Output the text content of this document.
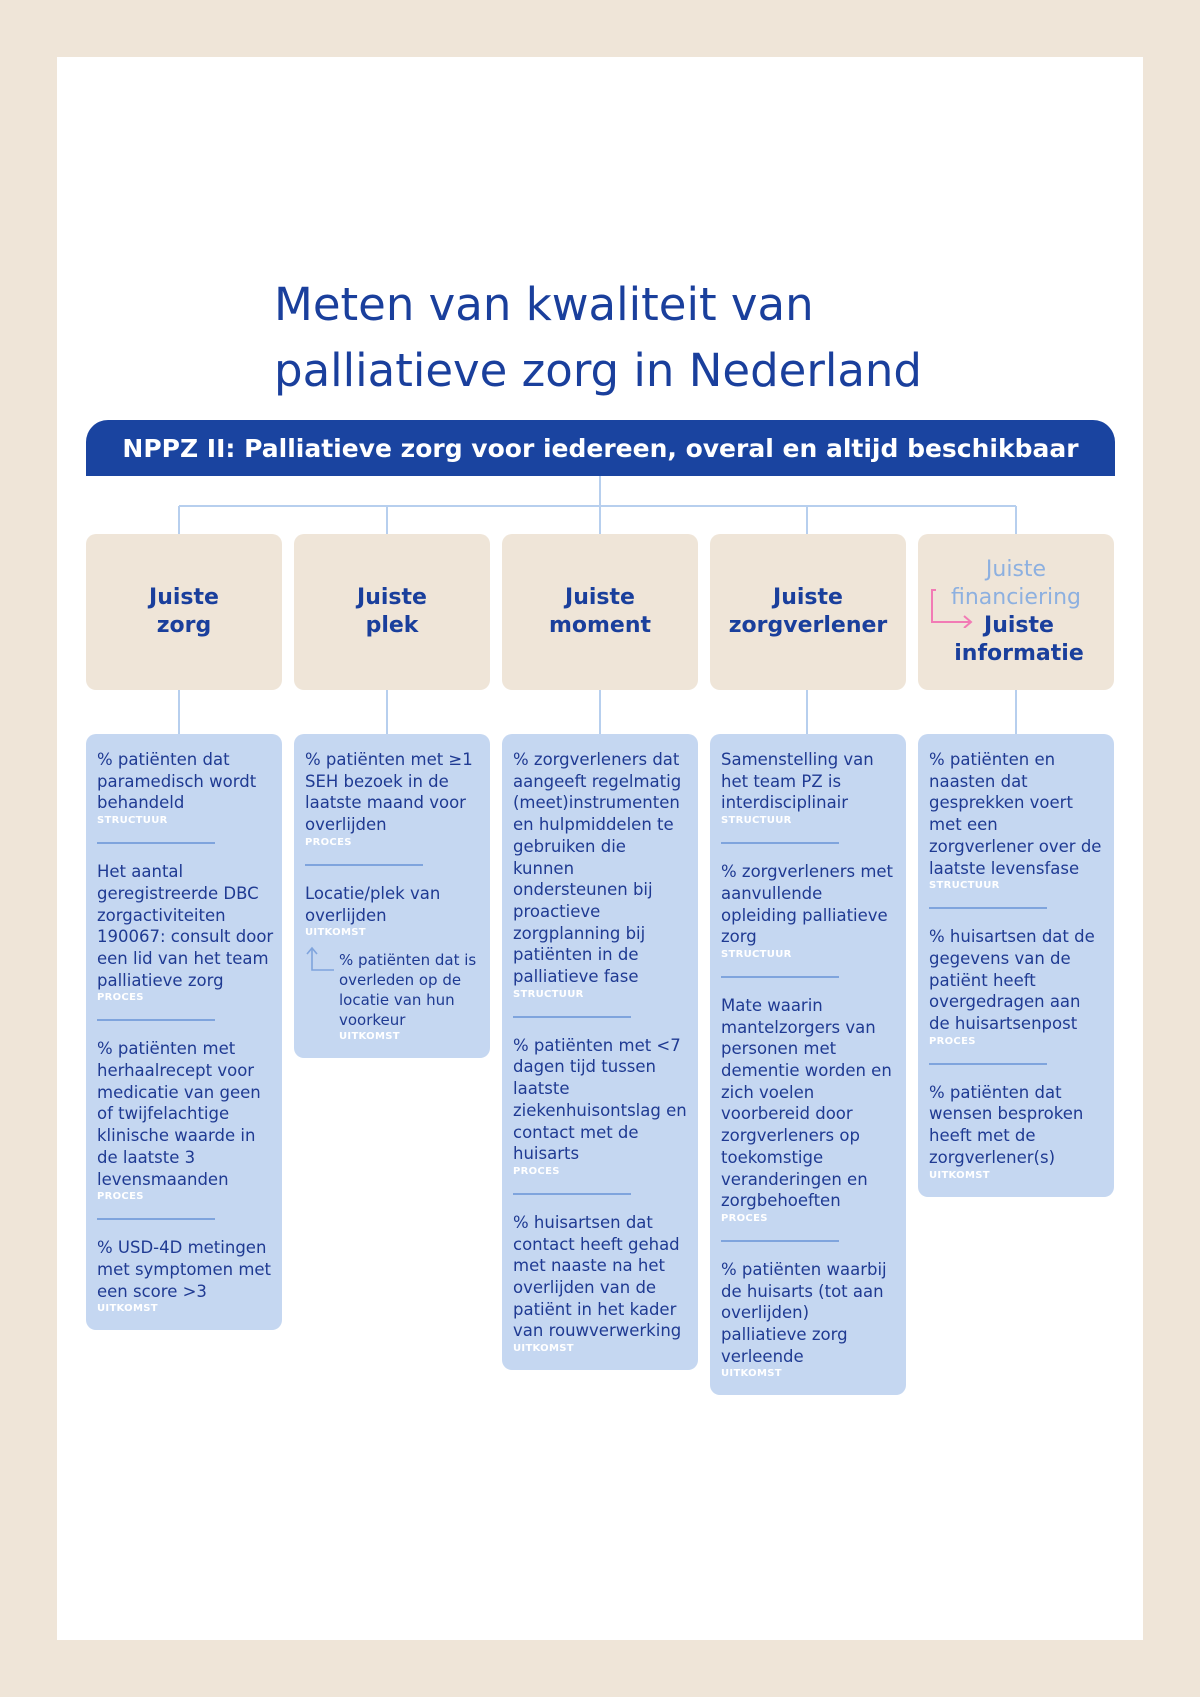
Meten van kwaliteit van
palliatieve zorg in Nederland
NPPZ II: Palliatieve zorg voor iedereen, overal en altijd beschikbaar
Juiste
zorg
Juiste
plek
Juiste
moment
Juiste
zorgverlener
Juiste
financiering
Juiste
informatie
% patiënten dat paramedisch wordt behandeld
STRUCTUUR
Het aantal geregistreerde DBC zorgactiviteiten 190067: consult door een lid van het team palliatieve zorg
PROCES
% patiënten met herhaalrecept voor medicatie van geen of twijfelachtige klinische waarde in de laatste 3 levensmaanden
PROCES
% USD-4D metingen met symptomen met een score >3
UITKOMST
% patiënten met ≥1 SEH bezoek in de laatste maand voor overlijden
PROCES
Locatie/plek van overlijden
UITKOMST
% patiënten dat is overleden op de locatie van hun voorkeur
UITKOMST
% zorgverleners dat aangeeft regelmatig (meet)instrumenten en hulpmiddelen te gebruiken die kunnen ondersteunen bij proactieve zorgplanning bij patiënten in de palliatieve fase
STRUCTUUR
% patiënten met <7 dagen tijd tussen laatste ziekenhuisontslag en contact met de huisarts
PROCES
% huisartsen dat contact heeft gehad met naaste na het overlijden van de patiënt in het kader van rouwverwerking
UITKOMST
Samenstelling van het team PZ is interdisciplinair
STRUCTUUR
% zorgverleners met aanvullende opleiding palliatieve zorg
STRUCTUUR
Mate waarin mantelzorgers van personen met dementie worden en zich voelen voorbereid door zorgverleners op toekomstige veranderingen en zorgbehoeften
PROCES
% patiënten waarbij de huisarts (tot aan overlijden) palliatieve zorg verleende
UITKOMST
% patiënten en naasten dat gesprekken voert met een zorgverlener over de laatste levensfase
STRUCTUUR
% huisartsen dat de gegevens van de patiënt heeft overgedragen aan de huisartsenpost
PROCES
% patiënten dat wensen besproken heeft met de zorgverlener(s)
UITKOMST
